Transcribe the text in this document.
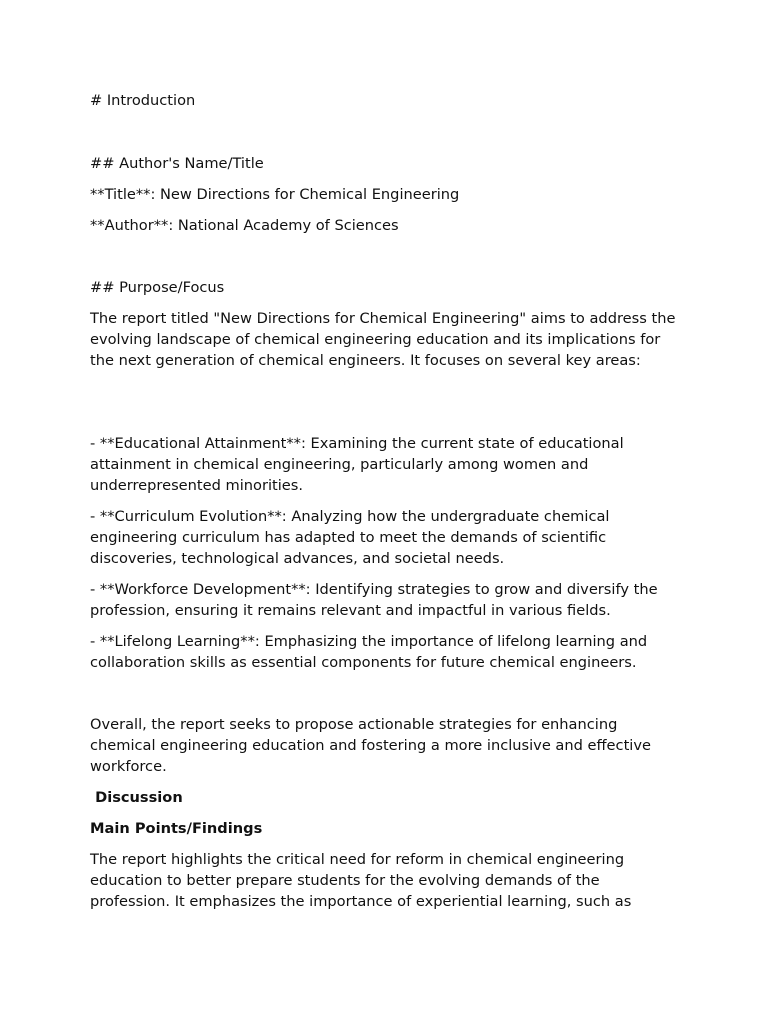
# Introduction

## Author's Name/Title

**Title**: New Directions for Chemical Engineering

**Author**: National Academy of Sciences

## Purpose/Focus

The report titled "New Directions for Chemical Engineering" aims to address the evolving landscape of chemical engineering education and its implications for the next generation of chemical engineers. It focuses on several key areas:

- **Educational Attainment**: Examining the current state of educational attainment in chemical engineering, particularly among women and underrepresented minorities.

- **Curriculum Evolution**: Analyzing how the undergraduate chemical engineering curriculum has adapted to meet the demands of scientific discoveries, technological advances, and societal needs.

- **Workforce Development**: Identifying strategies to grow and diversify the profession, ensuring it remains relevant and impactful in various fields.

- **Lifelong Learning**: Emphasizing the importance of lifelong learning and collaboration skills as essential components for future chemical engineers.

Overall, the report seeks to propose actionable strategies for enhancing chemical engineering education and fostering a more inclusive and effective workforce.

Discussion

Main Points/Findings

The report highlights the critical need for reform in chemical engineering education to better prepare students for the evolving demands of the profession. It emphasizes the importance of experiential learning, such as
